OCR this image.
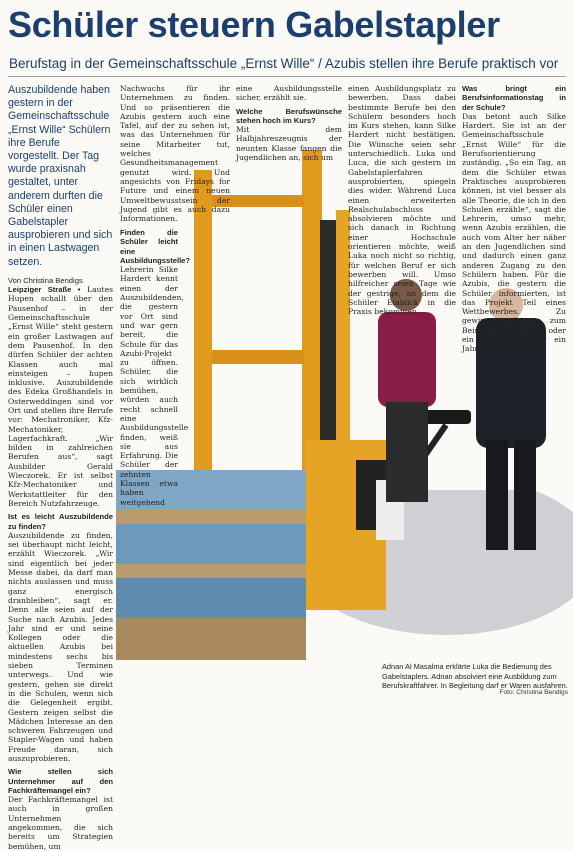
Schüler steuern Gabelstapler
Berufstag in der Gemeinschaftsschule „Ernst Wille“ / Azubis stellen ihre Berufe praktisch vor

Auszubildende haben gestern in der Gemeinschaftsschule „Ernst Wille“ Schülern ihre Berufe vorgestellt. Der Tag wurde praxisnah gestaltet, unter anderem durften die Schüler einen Gabelstapler ausprobieren und sich in einen Lastwagen setzen.

Von Christina Bendigs

Leipziger Straße • Lautes Hupen schallt über den Pausenhof – in der Gemeinschaftsschule „Ernst Wille“ steht gestern ein großer Lastwagen auf dem Pausenhof. In den dürfen Schüler der achten Klassen auch mal einsteigen – hupen inklusive. Auszubildende des Edeka Großhandels in Osterweddingen sind vor Ort und stellen ihre Berufe vor: Mechatroniker, Kfz-Mechatoniker, Lagerfachkraft. „Wir bilden in zahlreichen Berufen aus“, sagt Ausbilder Gerald Wieczorek. Er ist selbst Kfz-Mechatoniker und Werkstattleiter für den Bereich Nutzfahrzeuge.

Ist es leicht Auszubildende zu finden?

Auszubildende zu finden, sei überhaupt nicht leicht, erzählt Wieczorek. „Wir sind eigentlich bei jeder Messe dabei, da darf man nichts auslassen und muss ganz energisch dranbleiben“, sagt er. Denn alle seien auf der Suche nach Azubis. Jedes Jahr sind er und seine Kollegen oder die aktuellen Azubis bei mindestens sechs bis sieben Terminen unterwegs. Und wie gestern, gehen sie direkt in die Schulen, wenn sich die Gelegenheit ergibt. Gestern zeigen selbst die Mädchen Interesse an den schweren Fahrzeugen und Stapler-Wagen und haben Freude daran, sich auszuprobieren.

Wie stellen sich Unternehmer auf den Fachkräftemangel ein?

Der Fachkräftemangel ist auch in großen Unternehmen angekommen, die sich bereits um Strategien bemühen, um

Nachwuchs für ihr Unternehmen zu finden. Und so präsentieren die Azubis gestern auch eine Tafel, auf der zu sehen ist, was das Unternehmen für seine Mitarbeiter tut, welches Gesundheitsmanagement genutzt wird. Und angesichts von Fridays for Future und einem neuen Umweltbewusstsein der Jugend gibt es auch dazu Informationen.

Finden die Schüler leicht eine Ausbildungsstelle?

Lehrerin Silke Hardert kennt einen der Auszubildenden, die gestern vor Ort sind und war gern bereit, die Schule für das Azubi-Projekt zu öffnen. Schüler, die sich wirklich bemühen, würden auch recht schnell eine Ausbildungsstelle finden, weiß sie aus Erfahrung. Die Schüler der zehnten Klassen etwa haben weitgehend

eine Ausbildungsstelle sicher, erzählt sie.

Welche Berufswünsche stehen hoch im Kurs?

Mit dem Halbjahreszeugnis der neunten Klasse fangen die Jugendlichen an, sich um

einen Ausbildungsplatz zu bewerben. Dass dabei bestimmte Berufe bei den Schülern besonders hoch im Kurs stehen, kann Silke Hardert nicht bestätigen. Die Wünsche seien sehr unterschiedlich. Luka und Luca, die sich gestern im Gabelstaplerfahren ausprobierten, spiegeln dies wider. Während Luca einen erweiterten Realschulabschluss absolvieren möchte und sich danach in Richtung einer Hochschule orientieren möchte, weiß Luka noch nicht so richtig, für welchen Beruf er sich bewerben will. Umso hilfreicher seien Tage wie der gestrige, an dem die Schüler Einblick in die Praxis bekommen.

Was bringt ein Berufsinformationstag in der Schule?

Das betont auch Silke Hardert. Sie ist an der Gemeinschaftsschule „Ernst Wille“ für die Berufsorientierung zuständig. „So ein Tag, an dem die Schüler etwas Praktisches ausprobieren können, ist viel besser als alle Theorie, die ich in den Schulen erzähle“, sagt die Lehrerin, umso mehr, wenn Azubis erzählen, die auch vom Alter her näher an den Jugendlichen sind und dadurch einen ganz anderen Zugang zu den Schülern haben. Für die Azubis, die gestern die Schüler informierten, ist das Projekt Teil eines Wettbewerbes. Zu gewinnen gibt es zum Beispiel 1000 Euro oder ein Elektroauto für ein Jahr.

Adnan Al Masalma erklärte Luka die Bedienung des Gabelstaplers. Adnan absolviert eine Ausbildung zum Berufskraftfahrer. In Begleitung darf er Waren ausfahren.
Foto: Christina Bendigs
